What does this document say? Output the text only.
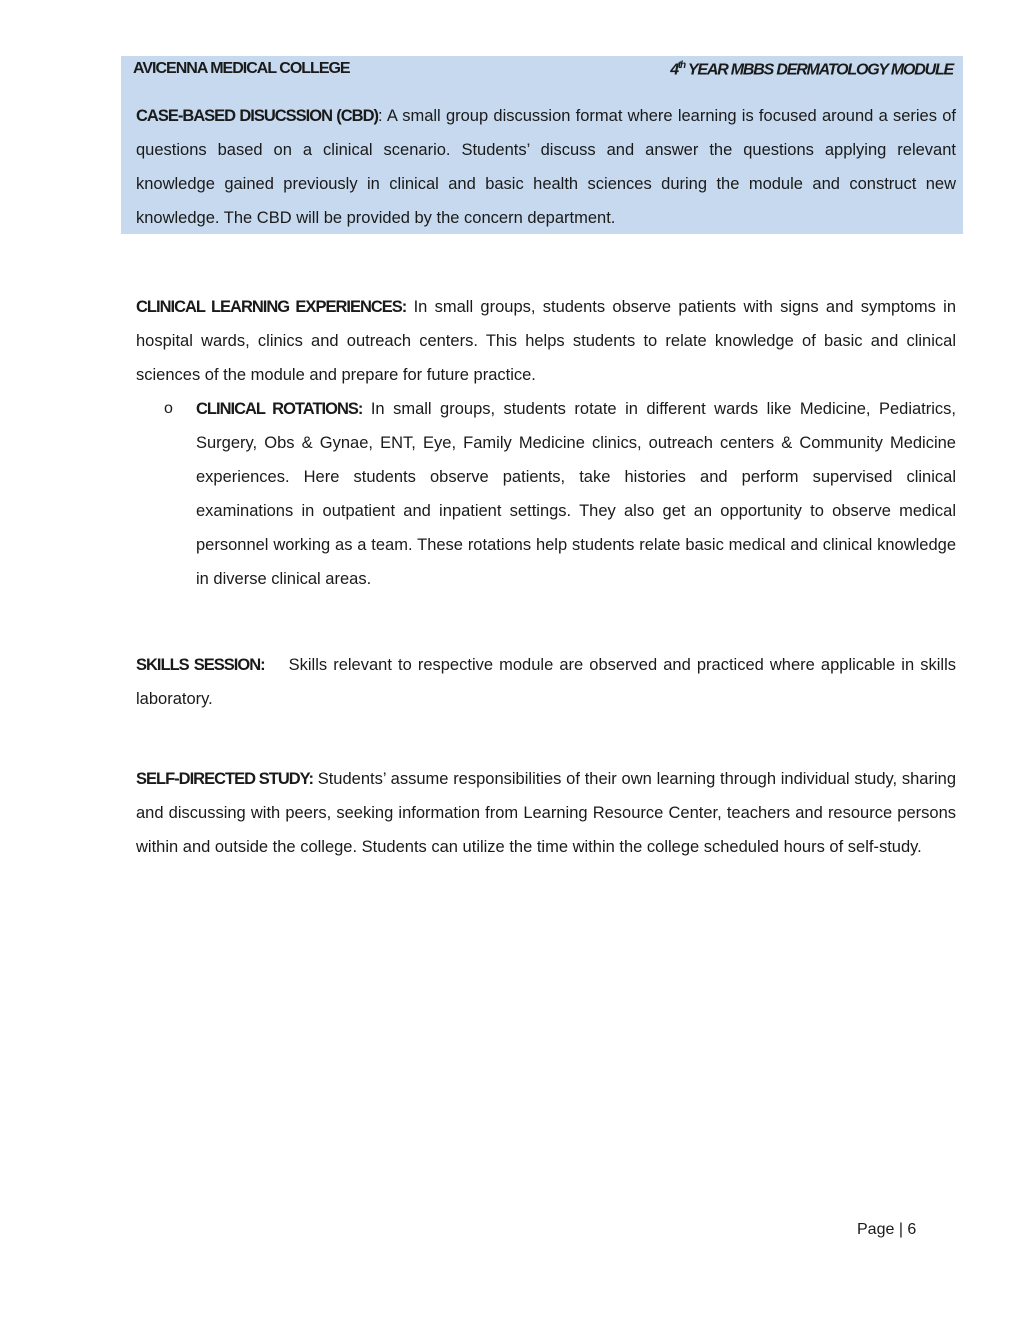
AVICENNA MEDICAL COLLEGE	4th YEAR MBBS DERMATOLOGY MODULE
CASE-BASED DISUCSSION (CBD): A small group discussion format where learning is focused around a series of questions based on a clinical scenario. Students’ discuss and answer the questions applying relevant knowledge gained previously in clinical and basic health sciences during the module and construct new knowledge. The CBD will be provided by the concern department.
CLINICAL LEARNING EXPERIENCES: In small groups, students observe patients with signs and symptoms in hospital wards, clinics and outreach centers. This helps students to relate knowledge of basic and clinical sciences of the module and prepare for future practice.
o CLINICAL ROTATIONS: In small groups, students rotate in different wards like Medicine, Pediatrics, Surgery, Obs & Gynae, ENT, Eye, Family Medicine clinics, outreach centers & Community Medicine experiences. Here students observe patients, take histories and perform supervised clinical examinations in outpatient and inpatient settings. They also get an opportunity to observe medical personnel working as a team. These rotations help students relate basic medical and clinical knowledge in diverse clinical areas.
SKILLS SESSION: Skills relevant to respective module are observed and practiced where applicable in skills laboratory.
SELF-DIRECTED STUDY: Students’ assume responsibilities of their own learning through individual study, sharing and discussing with peers, seeking information from Learning Resource Center, teachers and resource persons within and outside the college. Students can utilize the time within the college scheduled hours of self-study.
Page | 6
